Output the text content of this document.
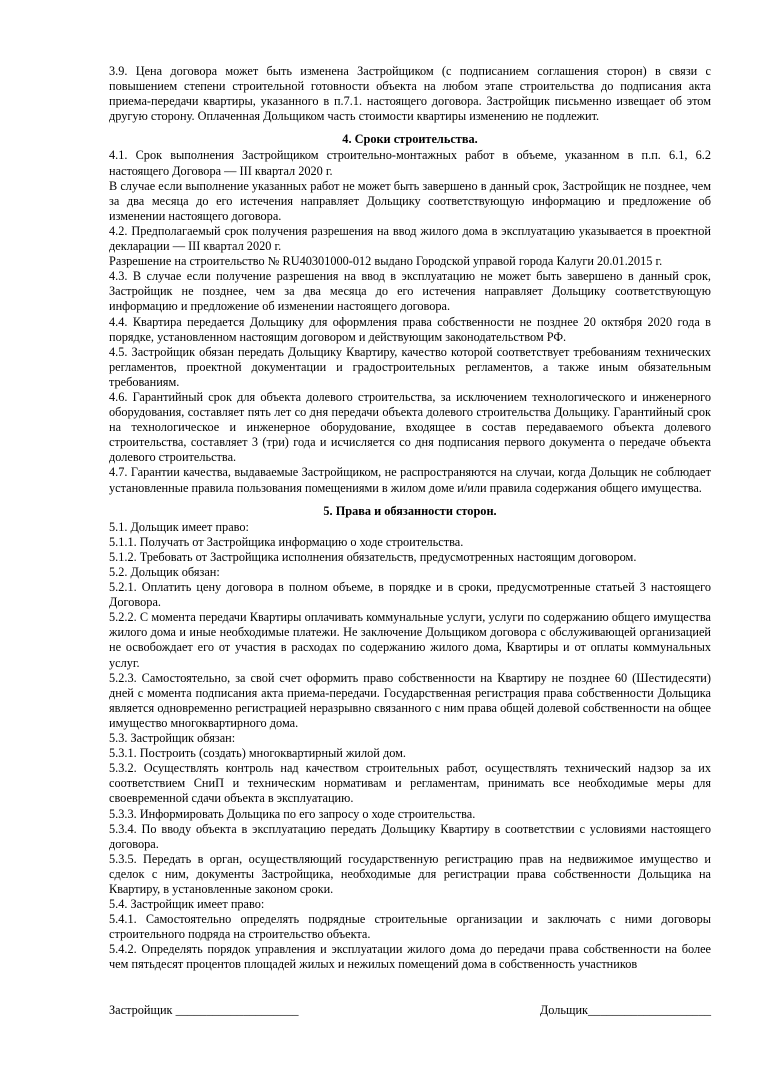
3.9. Цена договора может быть изменена Застройщиком (с подписанием соглашения сторон) в связи с повышением степени строительной готовности объекта на любом этапе строительства до подписания акта приема-передачи квартиры, указанного в п.7.1. настоящего договора. Застройщик письменно извещает об этом другую сторону. Оплаченная Дольщиком часть стоимости квартиры изменению не подлежит.

4. Сроки строительства.

4.1. Срок выполнения Застройщиком строительно-монтажных работ в объеме, указанном в п.п. 6.1, 6.2 настоящего Договора — III квартал 2020 г.

В случае если выполнение указанных работ не может быть завершено в данный срок, Застройщик не позднее, чем за два месяца до его истечения направляет Дольщику соответствующую информацию и предложение об изменении настоящего договора.

4.2. Предполагаемый срок получения разрешения на ввод жилого дома в эксплуатацию указывается в проектной декларации — III квартал 2020 г.

Разрешение на строительство № RU40301000-012 выдано Городской управой города Калуги 20.01.2015 г.

4.3. В случае если получение разрешения на ввод в эксплуатацию не может быть завершено в данный срок, Застройщик не позднее, чем за два месяца до его истечения направляет Дольщику соответствующую информацию и предложение об изменении настоящего договора.

4.4. Квартира передается Дольщику для оформления права собственности не позднее 20 октября 2020 года в порядке, установленном настоящим договором и действующим законодательством РФ.

4.5. Застройщик обязан передать Дольщику Квартиру, качество которой соответствует требованиям технических регламентов, проектной документации и градостроительных регламентов, а также иным обязательным требованиям.

4.6. Гарантийный срок для объекта долевого строительства, за исключением технологического и инженерного оборудования, составляет пять лет со дня передачи объекта долевого строительства Дольщику. Гарантийный срок на технологическое и инженерное оборудование, входящее в состав передаваемого объекта долевого строительства, составляет 3 (три) года и исчисляется со дня подписания первого документа о передаче объекта долевого строительства.

4.7. Гарантии качества, выдаваемые Застройщиком, не распространяются на случаи, когда Дольщик не соблюдает установленные правила пользования помещениями в жилом доме и/или правила содержания общего имущества.

5. Права и обязанности сторон.

5.1. Дольщик имеет право:

5.1.1. Получать от Застройщика информацию о ходе строительства.

5.1.2. Требовать от Застройщика исполнения обязательств, предусмотренных настоящим договором.

5.2. Дольщик обязан:

5.2.1. Оплатить цену договора в полном объеме, в порядке и в сроки, предусмотренные статьей 3 настоящего Договора.

5.2.2. С момента передачи Квартиры оплачивать коммунальные услуги, услуги по содержанию общего имущества жилого дома и иные необходимые платежи. Не заключение Дольщиком договора с обслуживающей организацией не освобождает его от участия в расходах по содержанию жилого дома, Квартиры и от оплаты коммунальных услуг.

5.2.3. Самостоятельно, за свой счет оформить право собственности на Квартиру не позднее 60 (Шестидесяти) дней с момента подписания акта приема-передачи. Государственная регистрация права собственности Дольщика является одновременно регистрацией неразрывно связанного с ним права общей долевой собственности на общее имущество многоквартирного дома.

5.3. Застройщик обязан:

5.3.1. Построить (создать) многоквартирный жилой дом.

5.3.2. Осуществлять контроль над качеством строительных работ, осуществлять технический надзор за их соответствием СниП и техническим нормативам и регламентам, принимать все необходимые меры для своевременной сдачи объекта в эксплуатацию.

5.3.3. Информировать Дольщика по его запросу о ходе строительства.

5.3.4. По вводу объекта в эксплуатацию передать Дольщику Квартиру в соответствии с условиями настоящего договора.

5.3.5. Передать в орган, осуществляющий государственную регистрацию прав на недвижимое имущество и сделок с ним, документы Застройщика, необходимые для регистрации права собственности Дольщика на Квартиру, в установленные законом сроки.

5.4. Застройщик имеет право:

5.4.1. Самостоятельно определять подрядные строительные организации и заключать с ними договоры строительного подряда на строительство объекта.

5.4.2. Определять порядок управления и эксплуатации жилого дома до передачи права собственности на более чем пятьдесят процентов площадей жилых и нежилых помещений дома в собственность участников

Застройщик ____________________	Дольщик____________________
